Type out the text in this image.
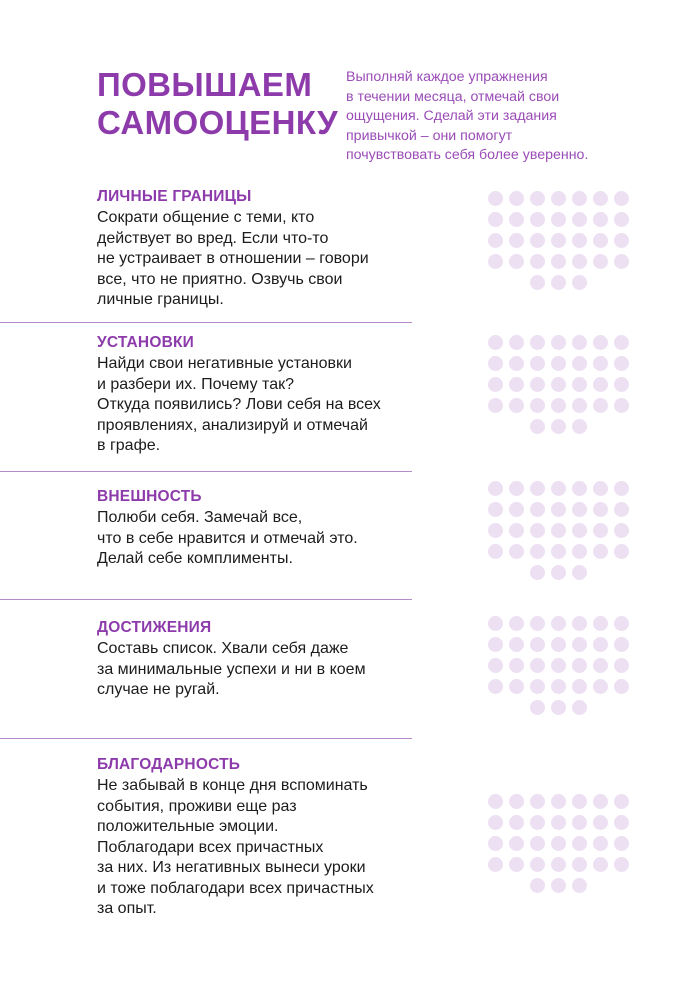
ПОВЫШАЕМ
САМООЦЕНКУ
Выполняй каждое упражнения
в течении месяца, отмечай свои
ощущения. Сделай эти задания
привычкой – они помогут
почувствовать себя более уверенно.
ЛИЧНЫЕ ГРАНИЦЫ
Сократи общение с теми, кто
действует во вред. Если что-то
не устраивает в отношении – говори
все, что не приятно. Озвучь свои
личные границы.
УСТАНОВКИ
Найди свои негативные установки
и разбери их. Почему так?
Откуда появились? Лови себя на всех
проявлениях, анализируй и отмечай
в графе.
ВНЕШНОСТЬ
Полюби себя. Замечай все,
что в себе нравится и отмечай это.
Делай себе комплименты.
ДОСТИЖЕНИЯ
Составь список. Хвали себя даже
за минимальные успехи и ни в коем
случае не ругай.
БЛАГОДАРНОСТЬ
Не забывай в конце дня вспоминать
события, проживи еще раз
положительные эмоции.
Поблагодари всех причастных
за них. Из негативных вынеси уроки
и тоже поблагодари всех причастных
за опыт.
